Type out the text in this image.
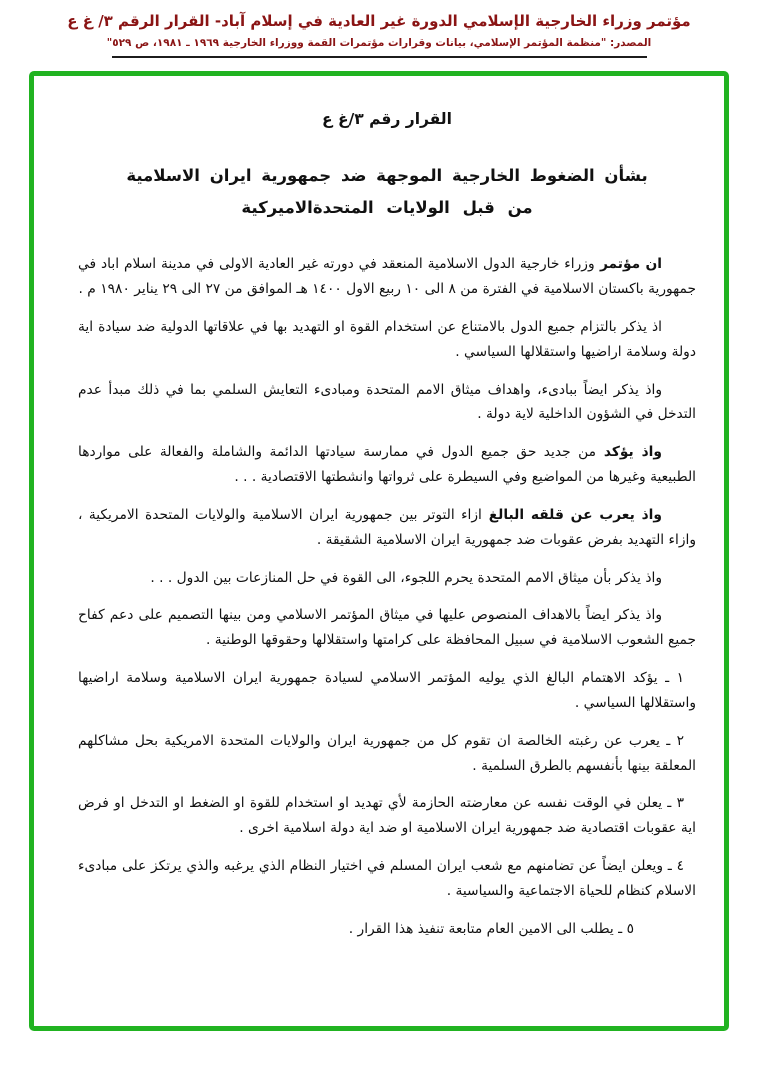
مؤتمر وزراء الخارجية الإسلامي الدورة غير العادية في إسلام آباد- القرار الرقم ٣/ غ ع
المصدر: "منظمة المؤتمر الإسلامي، بيانات وقرارات مؤتمرات القمة ووزراء الخارجية ١٩٦٩ ـ ١٩٨١، ص ٥٢٩"
القرار رقم ٣/غ ع
بشأن الضغوط الخارجية الموجهة ضد جمهورية ايران الاسلامية
من قبل الولايات المتحدةالاميركية

ان مؤتمر وزراء خارجية الدول الاسلامية المنعقد في دورته غير العادية الاولى في مدينة اسلام اباد في جمهورية باكستان الاسلامية في الفترة من ٨ الى ١٠ ربيع الاول ١٤٠٠ هـ الموافق من ٢٧ الى ٢٩ يناير ١٩٨٠ م .

اذ يذكر بالتزام جميع الدول بالامتناع عن استخدام القوة او التهديد بها في علاقاتها الدولية ضد سيادة اية دولة وسلامة اراضيها واستقلالها السياسي .

واذ يذكر ايضاً ببادىء، واهداف ميثاق الامم المتحدة ومبادىء التعايش السلمي بما في ذلك مبدأ عدم التدخل في الشؤون الداخلية لاية دولة .

واذ يؤكد من جديد حق جميع الدول في ممارسة سيادتها الدائمة والشاملة والفعالة على مواردها الطبيعية وغيرها من المواضيع وفي السيطرة على ثرواتها وانشطتها الاقتصادية . . .

واذ يعرب عن قلقه البالغ ازاء التوتر بين جمهورية ايران الاسلامية والولايات المتحدة الامريكية ، وازاء التهديد بفرض عقوبات ضد جمهورية ايران الاسلامية الشقيقة .

واذ يذكر بأن ميثاق الامم المتحدة يحرم اللجوء، الى القوة في حل المنازعات بين الدول . . .

واذ يذكر ايضاً بالاهداف المنصوص عليها في ميثاق المؤتمر الاسلامي ومن بينها التصميم على دعم كفاح جميع الشعوب الاسلامية في سبيل المحافظة على كرامتها واستقلالها وحقوقها الوطنية .

١ ـ يؤكد الاهتمام البالغ الذي يوليه المؤتمر الاسلامي لسيادة جمهورية ايران الاسلامية وسلامة اراضيها واستقلالها السياسي .

٢ ـ يعرب عن رغبته الخالصة ان تقوم كل من جمهورية ايران والولايات المتحدة الامريكية بحل مشاكلهم المعلقة بينها بأنفسهم بالطرق السلمية .

٣ ـ يعلن في الوقت نفسه عن معارضته الحازمة لأي تهديد او استخدام للقوة او الضغط او التدخل او فرض اية عقوبات اقتصادية ضد جمهورية ايران الاسلامية او ضد اية دولة اسلامية اخرى .

٤ ـ ويعلن ايضاً عن تضامنهم مع شعب ايران المسلم في اختيار النظام الذي يرغبه والذي يرتكز على مبادىء الاسلام كنظام للحياة الاجتماعية والسياسية .

٥ ـ يطلب الى الامين العام متابعة تنفيذ هذا القرار .
